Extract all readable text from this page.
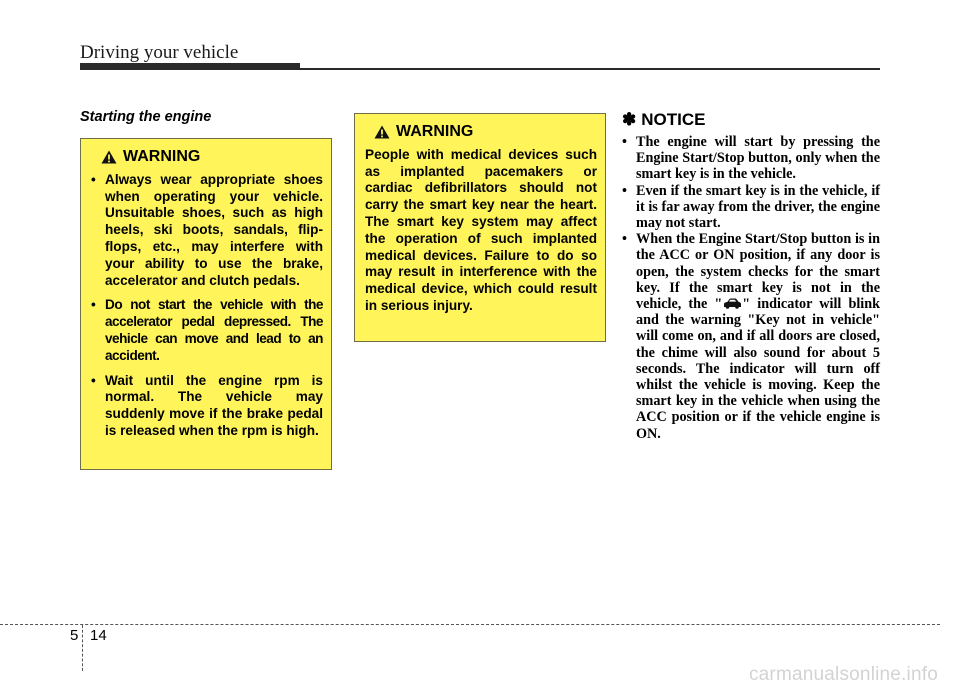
Driving your vehicle
Starting the engine
WARNING
• Always wear appropriate shoes when operating your vehicle. Unsuitable shoes, such as high heels, ski boots, sandals, flip-flops, etc., may interfere with your ability to use the brake, accelerator and clutch pedals.
• Do not start the vehicle with the accelerator pedal depressed. The vehicle can move and lead to an accident.
• Wait until the engine rpm is normal. The vehicle may suddenly move if the brake pedal is released when the rpm is high.
WARNING

People with medical devices such as implanted pacemakers or cardiac defibrillators should not carry the smart key near the heart. The smart key system may affect the operation of such implanted medical devices. Failure to do so may result in interference with the medical device, which could result in serious injury.

✽ NOTICE
• The engine will start by pressing the Engine Start/Stop button, only when the smart key is in the vehicle.
• Even if the smart key is in the vehicle, if it is far away from the driver, the engine may not start.
• When the Engine Start/Stop button is in the ACC or ON position, if any door is open, the system checks for the smart key. If the smart key is not in the vehicle, the " " indicator will blink and the warning "Key not in vehicle" will come on, and if all doors are closed, the chime will also sound for about 5 seconds. The indicator will turn off whilst the vehicle is moving. Keep the smart key in the vehicle when using the ACC position or if the vehicle engine is ON.
5 14
carmanualsonline.info
